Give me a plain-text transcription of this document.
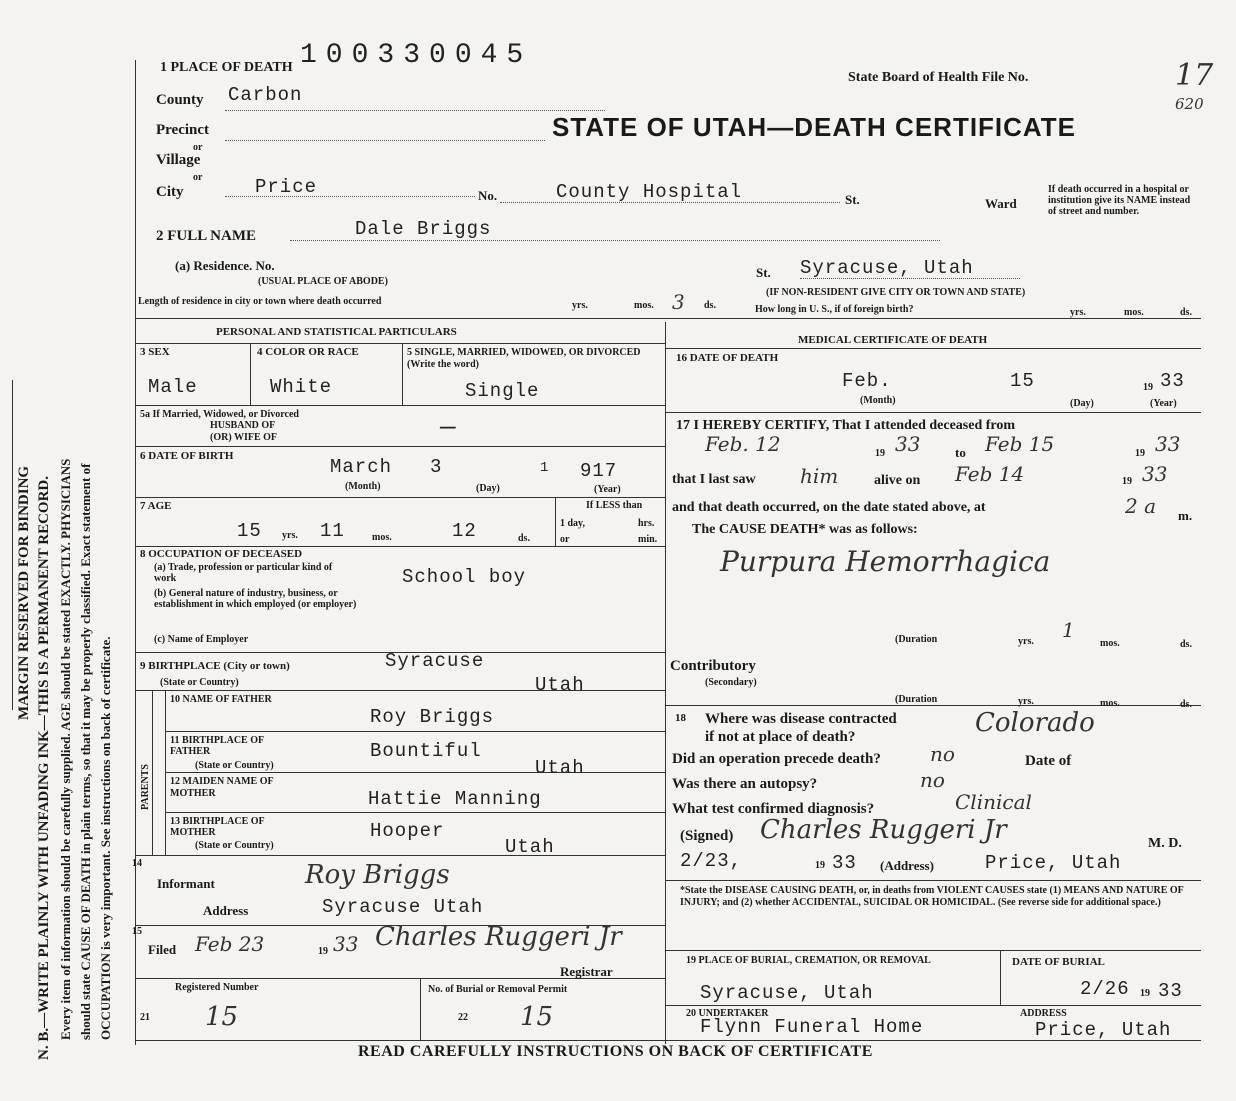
MARGIN RESERVED FOR BINDING N. B.—WRITE PLAINLY WITH UNFADING INK—THIS IS A PERMANENT RECORD. Every item of information should be carefully supplied. AGE should be stated EXACTLY. PHYSICIANS should state CAUSE OF DEATH in plain terms, so that it may be properly classified. Exact statement of OCCUPATION is very important. See instructions on back of certificate.
100330045
1 PLACE OF DEATH
State Board of Health File No.	17
620
STATE OF UTAH—DEATH CERTIFICATE
County Carbon
Precinct
or
Village
or
City	Price	No.	County Hospital	St.	Ward
If death occurred in a hospital or institution give its NAME instead of street and number.
2 FULL NAME	Dale Briggs
(a) Residence. No.
(USUAL PLACE OF ABODE)
St. Syracuse, Utah
(IF NON-RESIDENT GIVE CITY OR TOWN AND STATE)
Length of residence in city or town where death occurred	yrs.	mos. 3 ds.	How long in U. S., if of foreign birth?	yrs.	mos.	ds.
PERSONAL AND STATISTICAL PARTICULARS
3 SEX
Male
4 COLOR OR RACE
White
5 SINGLE, MARRIED, WIDOWED, OR DIVORCED (Write the word)
Single
5a If Married, Widowed, or Divorced
HUSBAND OF
(OR) WIFE OF	—
6 DATE OF BIRTH	March 3	1 917
(Month)	(Day)	(Year)
7 AGE
15 yrs. 11	mos.	12	ds.
If LESS than
1 day,	hrs.
or	min.
8 OCCUPATION OF DECEASED
(a) Trade, profession or particular kind of work	School boy
(b) General nature of industry, business, or establishment in which employed (or employer)
(c) Name of Employer
9 BIRTHPLACE (City or town)	Syracuse
(State or Country)	Utah
PARENTS
10 NAME OF FATHER
Roy Briggs
11 BIRTHPLACE OF FATHER
(State or Country)
Bountiful
Utah
12 MAIDEN NAME OF MOTHER	Hattie Manning
13 BIRTHPLACE OF MOTHER
(State or Country)
Hooper
Utah
14
Informant	Roy Briggs
Address	Syracuse Utah
15
Filed Feb 23	19 33 Charles Ruggeri Jr
Registrar
Registered Number
21 15
No. of Burial or Removal Permit
22 15
MEDICAL CERTIFICATE OF DEATH
16 DATE OF DEATH
Feb.	15	19 33
(Month)	(Day)	(Year)
17 I HEREBY CERTIFY, That I attended deceased from
Feb. 12	19 33	to Feb 15	19 33
that I last saw him	alive on Feb 14	19 33
and that death occurred, on the date stated above, at	2 a m.
The CAUSE DEATH* was as follows:
Purpura Hemorrhagica
(Duration	yrs. 1
mos.	ds.
Contributory
(Secondary)
(Duration	yrs.	mos.	ds.
18 Where was disease contracted
if not at place of death?	Colorado
Did an operation precede death? no	Date of
Was there an autopsy?	no
What test confirmed diagnosis?	Clinical
(Signed) Charles Ruggeri Jr	M. D.
2/23,	19 33 (Address)	Price, Utah
*State the DISEASE CAUSING DEATH, or, in deaths from VIOLENT CAUSES state (1) MEANS AND NATURE OF INJURY; and (2) whether ACCIDENTAL, SUICIDAL OR HOMICIDAL. (See reverse side for additional space.)
19 PLACE OF BURIAL, CREMATION, OR REMOVAL
Syracuse, Utah
DATE OF BURIAL
2/26 19 33
20 UNDERTAKER
Flynn Funeral Home
ADDRESS
Price, Utah
READ CAREFULLY INSTRUCTIONS ON BACK OF CERTIFICATE
